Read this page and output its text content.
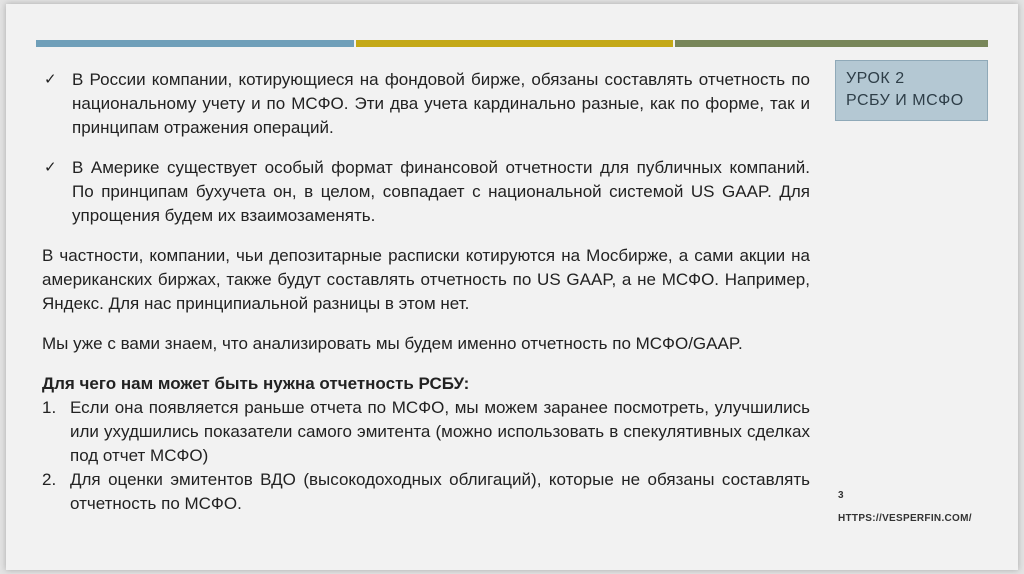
✓ В России компании, котирующиеся на фондовой бирже, обязаны составлять отчетность по национальному учету и по МСФО. Эти два учета кардинально разные, как по форме, так и принципам отражения операций.

✓ В Америке существует особый формат финансовой отчетности для публичных компаний. По принципам бухучета он, в целом, совпадает с национальной системой US GAAP. Для упрощения будем их взаимозаменять.

В частности, компании, чьи депозитарные расписки котируются на Мосбирже, а сами акции на американских биржах, также будут составлять отчетность по US GAAP, а не МСФО. Например, Яндекс. Для нас принципиальной разницы в этом нет.

Мы уже с вами знаем, что анализировать мы будем именно отчетность по МСФО/GAAP.

Для чего нам может быть нужна отчетность РСБУ:

1. Если она появляется раньше отчета по МСФО, мы можем заранее посмотреть, улучшились или ухудшились показатели самого эмитента (можно использовать в спекулятивных сделках под отчет МСФО)

2. Для оценки эмитентов ВДО (высокодоходных облигаций), которые не обязаны составлять отчетность по МСФО.

УРОК 2
РСБУ И МСФО
3
HTTPS://VESPERFIN.COM/
